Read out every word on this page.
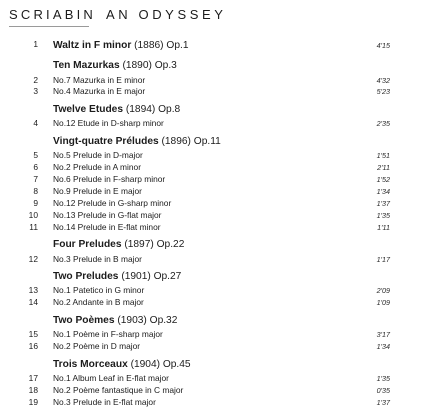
SCRIABIN AN ODYSSEY
1 Waltz in F minor (1886) Op.1	4'15
Ten Mazurkas (1890) Op.3
2 No.7 Mazurka in E minor	4'32
3 No.4 Mazurka in E major	5'23
Twelve Etudes (1894) Op.8
4 No.12 Etude in D-sharp minor	2'35
Vingt-quatre Préludes (1896) Op.11
5 No.5 Prelude in D-major	1'51
6 No.2 Prelude in A minor	2'11
7 No.6 Prelude in F-sharp minor	1'52
8 No.9 Prelude in E major	1'34
9 No.12 Prelude in G-sharp minor	1'37
10 No.13 Prelude in G-flat major	1'35
11 No.14 Prelude in E-flat minor	1'11
Four Preludes (1897) Op.22
12 No.3 Prelude in B major	1'17
Two Preludes (1901) Op.27
13 No.1 Patetico in G minor	2'09
14 No.2 Andante in B major	1'09
Two Poèmes (1903) Op.32
15 No.1 Poème in F-sharp major	3'17
16 No.2 Poème in D major	1'34
Trois Morceaux (1904) Op.45
17 No.1 Album Leaf in E-flat major	1'35
18 No.2 Poème fantastique in C major	0'35
19 No.3 Prelude in E-flat major	1'37
